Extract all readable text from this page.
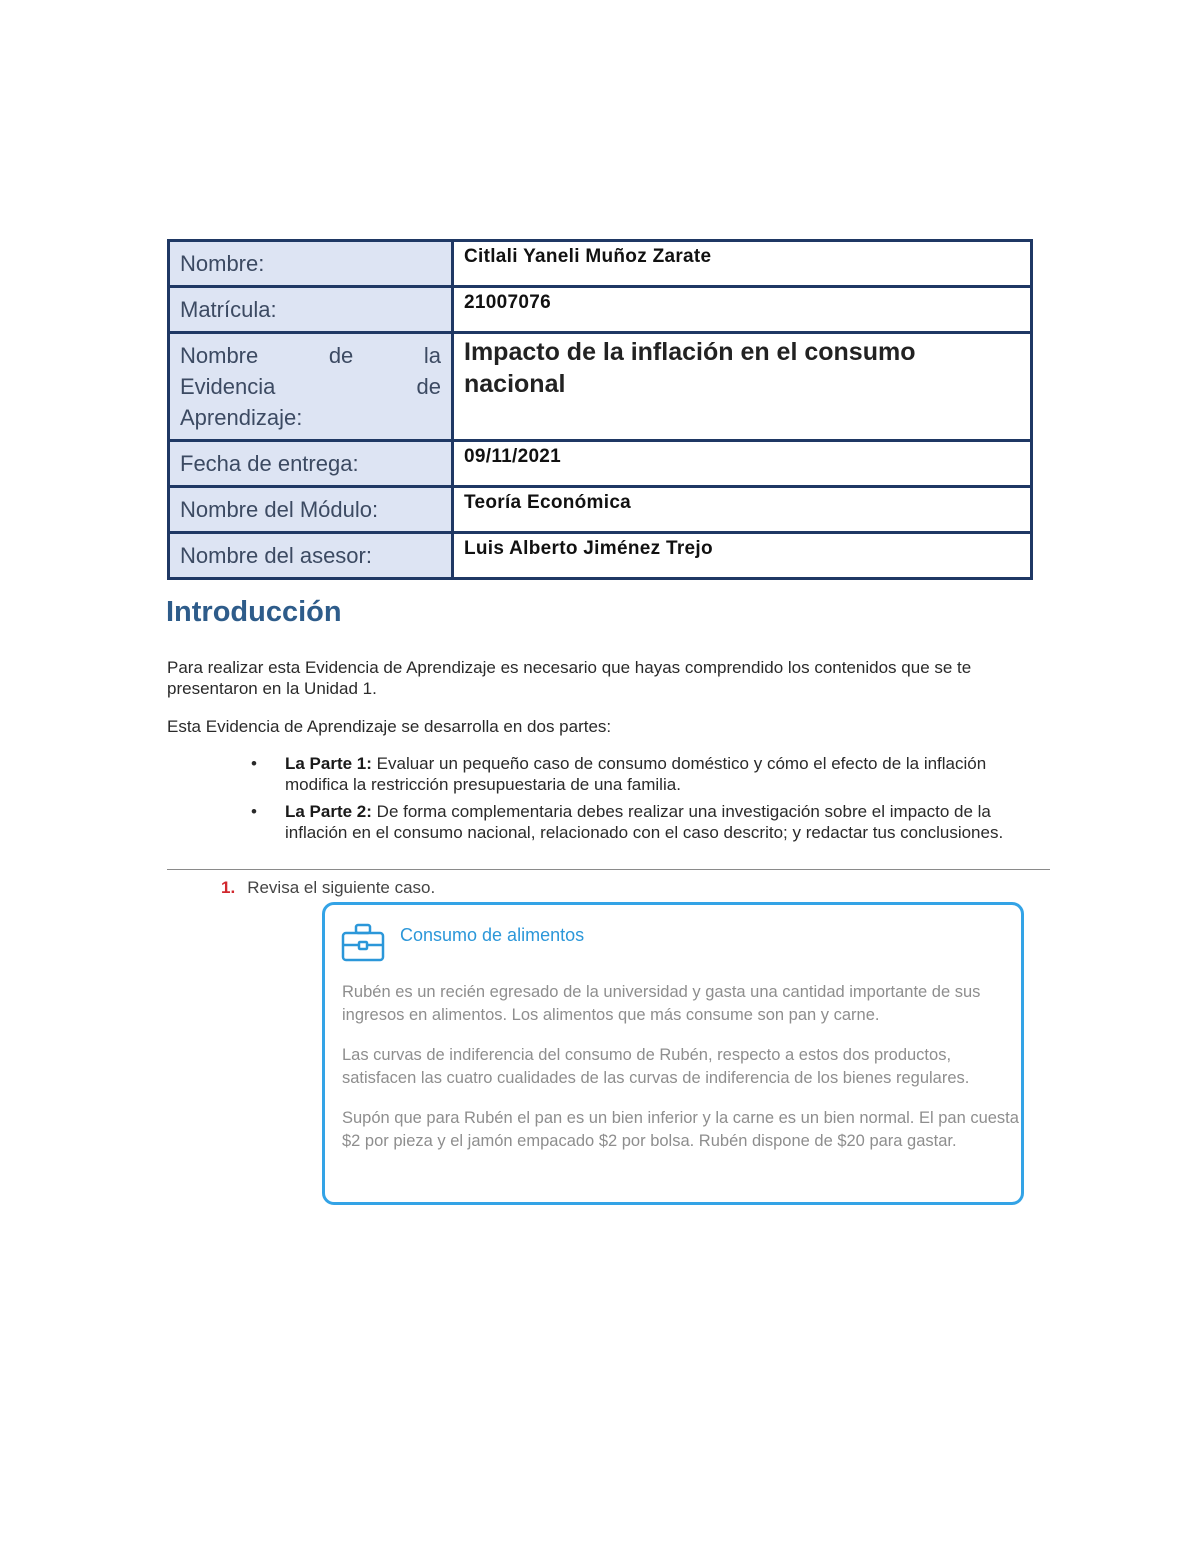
Nombre:	Citlali Yaneli Muñoz Zarate
Matrícula:	21007076

Nombre de la
Evidencia de
Aprendizaje:	Impacto de la inflación en el consumo nacional
Fecha de entrega:	09/11/2021
Nombre del Módulo:	Teoría Económica
Nombre del asesor:	Luis Alberto Jiménez Trejo
Introducción

Para realizar esta Evidencia de Aprendizaje es necesario que hayas comprendido los contenidos que se te presentaron en la Unidad 1.

Esta Evidencia de Aprendizaje se desarrolla en dos partes:

• La Parte 1: Evaluar un pequeño caso de consumo doméstico y cómo el efecto de la inflación modifica la restricción presupuestaria de una familia.
• La Parte 2: De forma complementaria debes realizar una investigación sobre el impacto de la inflación en el consumo nacional, relacionado con el caso descrito; y redactar tus conclusiones.
1. Revisa el siguiente caso.
Consumo de alimentos

Rubén es un recién egresado de la universidad y gasta una cantidad importante de sus ingresos en alimentos. Los alimentos que más consume son pan y carne.

Las curvas de indiferencia del consumo de Rubén, respecto a estos dos productos, satisfacen las cuatro cualidades de las curvas de indiferencia de los bienes regulares.

Supón que para Rubén el pan es un bien inferior y la carne es un bien normal. El pan cuesta $2 por pieza y el jamón empacado $2 por bolsa. Rubén dispone de $20 para gastar.
